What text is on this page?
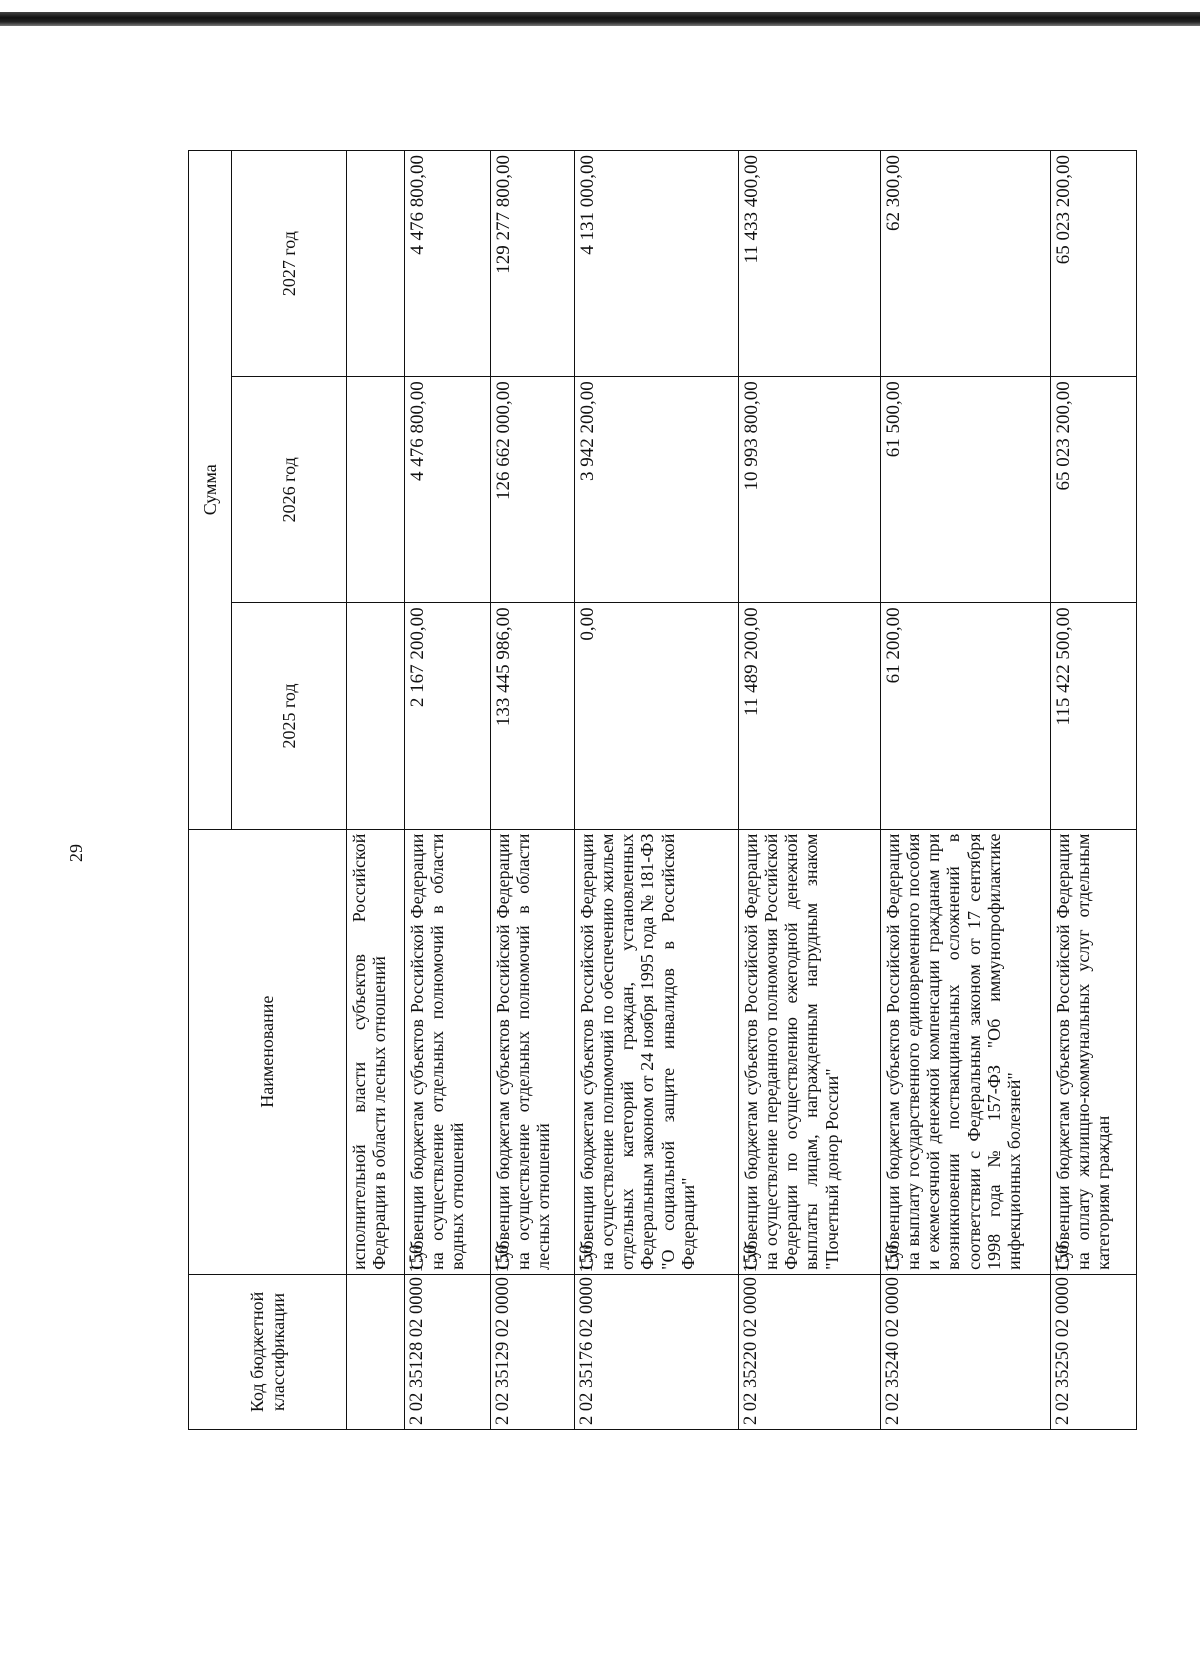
29
Код бюджетной классификации	Наименование	Сумма		
		2025 год	2026 год	2027 год
	исполнительной власти субъектов Российской Федерации в области лесных отношений			
2 02 35128 02 0000 150	Субвенции бюджетам субъектов Российской Федерации на осуществление отдельных полномочий в области водных отношений	2 167 200,00	4 476 800,00	4 476 800,00
2 02 35129 02 0000 150	Субвенции бюджетам субъектов Российской Федерации на осуществление отдельных полномочий в области лесных отношений	133 445 986,00	126 662 000,00	129 277 800,00
2 02 35176 02 0000 150	Субвенции бюджетам субъектов Российской Федерации на осуществление полномочий по обеспечению жильем отдельных категорий граждан, установленных Федеральным законом от 24 ноября 1995 года № 181-ФЗ "О социальной защите инвалидов в Российской Федерации"	0,00	3 942 200,00	4 131 000,00
2 02 35220 02 0000 150	Субвенции бюджетам субъектов Российской Федерации на осуществление переданного полномочия Российской Федерации по осуществлению ежегодной денежной выплаты лицам, награжденным нагрудным знаком "Почетный донор России"	11 489 200,00	10 993 800,00	11 433 400,00
2 02 35240 02 0000 150	Субвенции бюджетам субъектов Российской Федерации на выплату государственного единовременного пособия и ежемесячной денежной компенсации гражданам при возникновении поствакцинальных осложнений в соответствии с Федеральным законом от 17 сентября 1998 года № 157-ФЗ "Об иммунопрофилактике инфекционных болезней"	61 200,00	61 500,00	62 300,00
2 02 35250 02 0000 150	Субвенции бюджетам субъектов Российской Федерации на оплату жилищно-коммунальных услуг отдельным категориям граждан	115 422 500,00	65 023 200,00	65 023 200,00
